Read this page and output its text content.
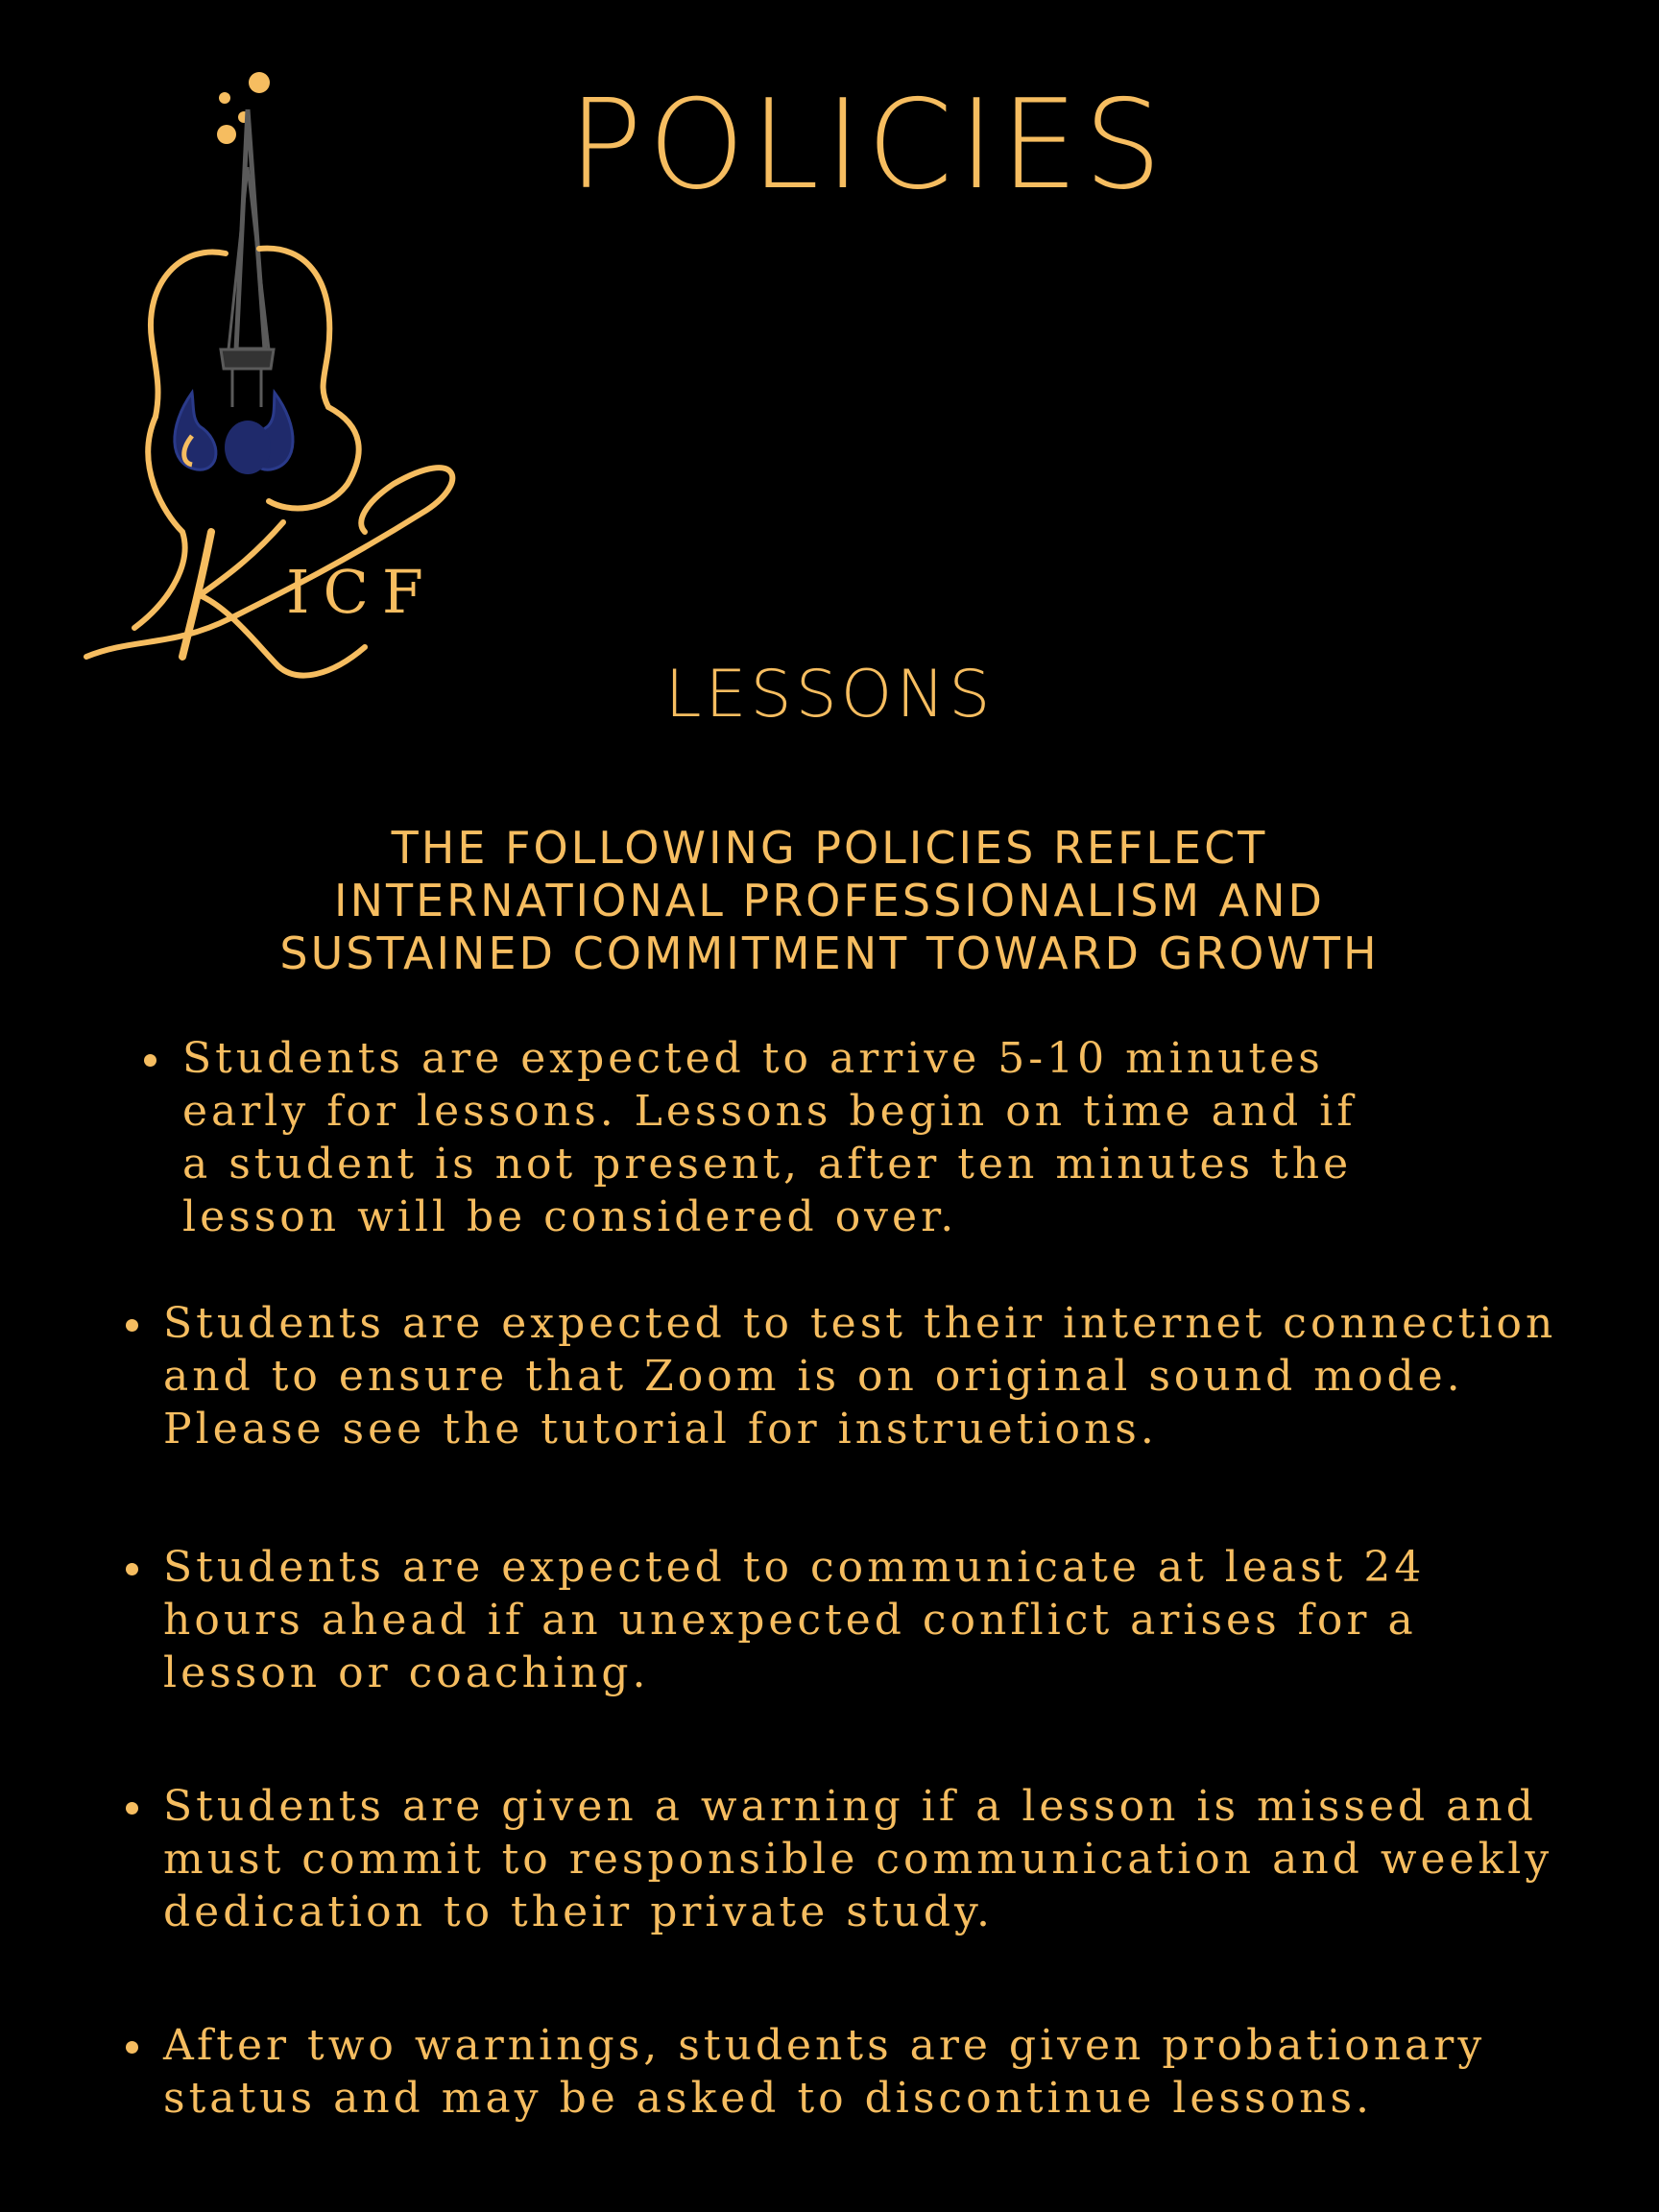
ICF
POLICIES
LESSONS
THE FOLLOWING POLICIES REFLECT
INTERNATIONAL PROFESSIONALISM AND
SUSTAINED COMMITMENT TOWARD GROWTH
Students are expected to arrive 5-10 minutes
early for lessons. Lessons begin on time and if
a student is not present, after ten minutes the
lesson will be considered over.
Students are expected to test their internet connection
and to ensure that Zoom is on original sound mode.
Please see the tutorial for instruetions.
Students are expected to communicate at least 24
hours ahead if an unexpected conflict arises for a
lesson or coaching.
Students are given a warning if a lesson is missed and
must commit to responsible communication and weekly
dedication to their private study.
After two warnings, students are given probationary
status and may be asked to discontinue lessons.
